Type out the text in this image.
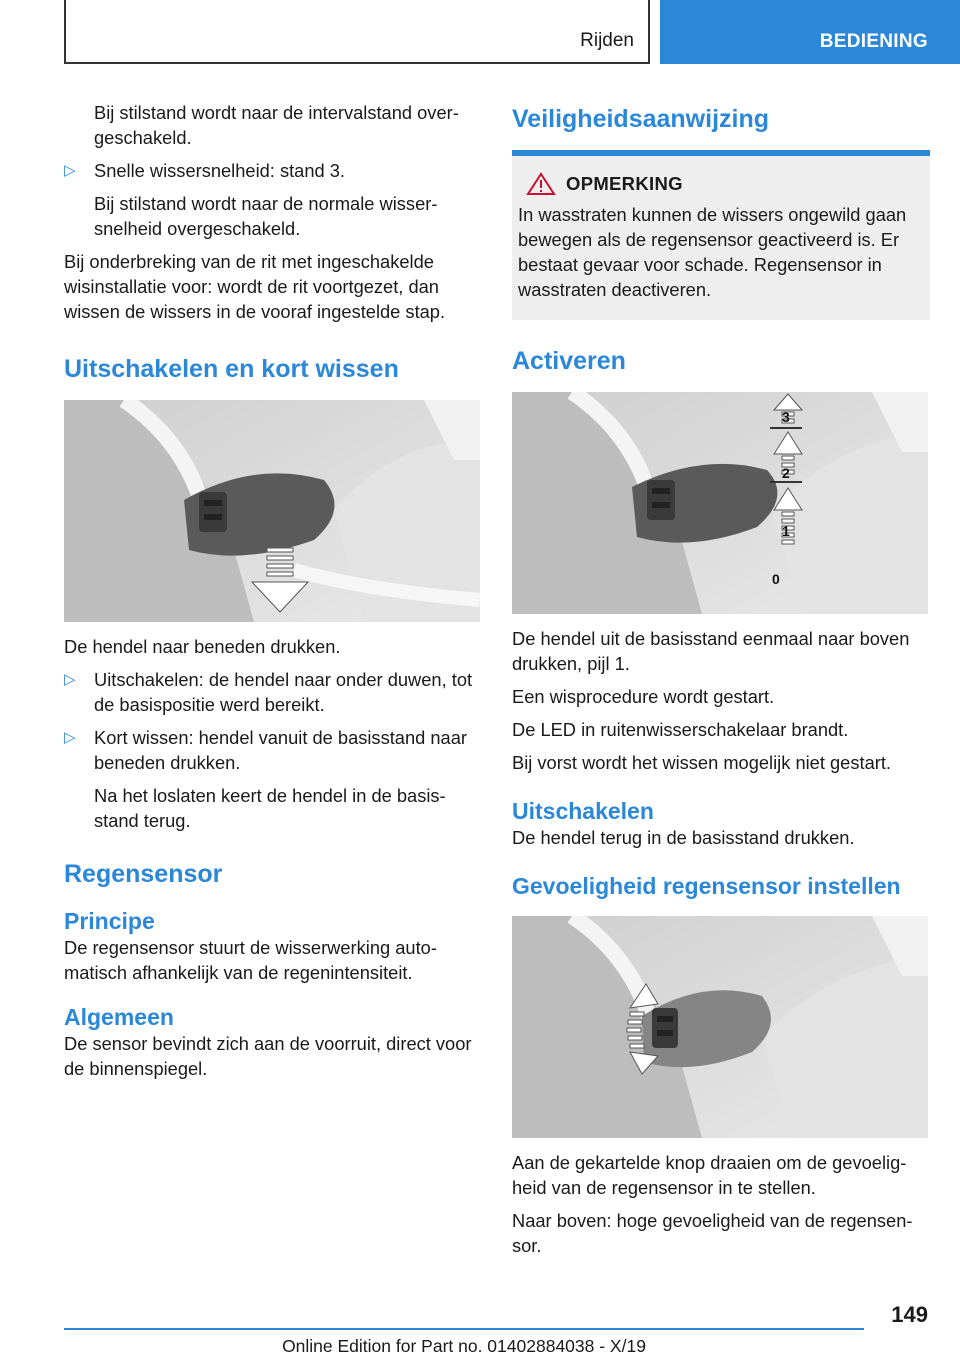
Rijden	BEDIENING

Bij stilstand wordt naar de intervalstand over-geschakeld.

▷ Snelle wissersnelheid: stand 3.

Bij stilstand wordt naar de normale wisser-snelheid overgeschakeld.

Bij onderbreking van de rit met ingeschakelde wisinstallatie voor: wordt de rit voortgezet, dan wissen de wissers in de vooraf ingestelde stap.

Uitschakelen en kort wissen

De hendel naar beneden drukken.

▷ Uitschakelen: de hendel naar onder duwen, tot de basispositie werd bereikt.

▷ Kort wissen: hendel vanuit de basisstand naar beneden drukken.

Na het loslaten keert de hendel in de basis-stand terug.

Regensensor
Principe

De regensensor stuurt de wisserwerking auto-matisch afhankelijk van de regenintensiteit.

Algemeen

De sensor bevindt zich aan de voorruit, direct voor de binnenspiegel.

Veiligheidsaanwijzing
OPMERKING

In wasstraten kunnen de wissers ongewild gaan bewegen als de regensensor geactiveerd is. Er bestaat gevaar voor schade. Regensensor in wasstraten deactiveren.

Activeren
3
2
1
0

De hendel uit de basisstand eenmaal naar boven drukken, pijl 1.

Een wisprocedure wordt gestart.

De LED in ruitenwisserschakelaar brandt.

Bij vorst wordt het wissen mogelijk niet gestart.

Uitschakelen

De hendel terug in de basisstand drukken.

Gevoeligheid regensensor instellen

Aan de gekartelde knop draaien om de gevoelig-heid van de regensensor in te stellen.

Naar boven: hoge gevoeligheid van de regensen-sor.

149
Online Edition for Part no. 01402884038 - X/19
